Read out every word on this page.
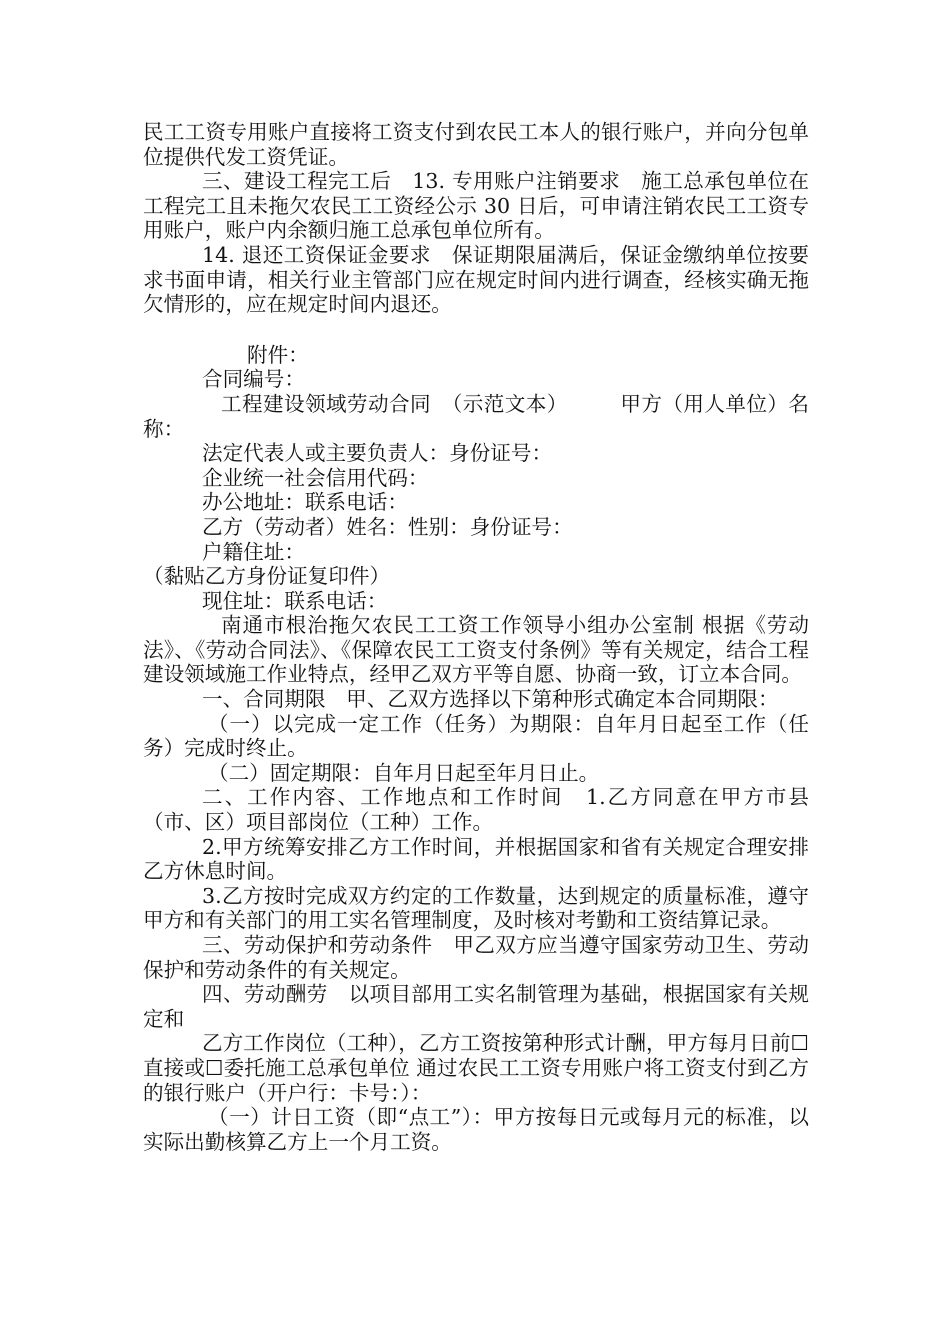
民工工资专用账户直接将工资支付到农民工本人的银行账户，并向分包单位提供代发工资凭证。

三、建设工程完工后　13. 专用账户注销要求　施工总承包单位在工程完工且未拖欠农民工工资经公示 30 日后，可申请注销农民工工资专用账户，账户内余额归施工总承包单位所有。

14. 退还工资保证金要求　保证期限届满后，保证金缴纳单位按要求书面申请，相关行业主管部门应在规定时间内进行调查，经核实确无拖欠情形的，应在规定时间内退还。

附件：

合同编号：

工程建设领域劳动合同　（示范文本）　　　甲方（用人单位）名称：

法定代表人或主要负责人：身份证号：

企业统一社会信用代码：

办公地址：联系电话：

乙方（劳动者）姓名：性别：身份证号：

户籍住址：

（黏贴乙方身份证复印件）

现住址：联系电话：

南通市根治拖欠农民工工资工作领导小组办公室制 根据《劳动法》、《劳动合同法》、《保障农民工工资支付条例》等有关规定，结合工程建设领域施工作业特点，经甲乙双方平等自愿、协商一致，订立本合同。

一、合同期限　甲、乙双方选择以下第种形式确定本合同期限：

（一）以完成一定工作（任务）为期限：自年月日起至工作（任务）完成时终止。

（二）固定期限：自年月日起至年月日止。

二、工作内容、工作地点和工作时间　1.乙方同意在甲方市县（市、区）项目部岗位（工种）工作。

2.甲方统筹安排乙方工作时间，并根据国家和省有关规定合理安排乙方休息时间。

3.乙方按时完成双方约定的工作数量，达到规定的质量标准，遵守甲方和有关部门的用工实名管理制度，及时核对考勤和工资结算记录。

三、劳动保护和劳动条件　甲乙双方应当遵守国家劳动卫生、劳动保护和劳动条件的有关规定。

四、劳动酬劳　以项目部用工实名制管理为基础，根据国家有关规定和

乙方工作岗位（工种），乙方工资按第种形式计酬，甲方每月日前☐直接或☐委托施工总承包单位 通过农民工工资专用账户将工资支付到乙方的银行账户（开户行：卡号：）：

（一）计日工资（即“点工”）：甲方按每日元或每月元的标准，以实际出勤核算乙方上一个月工资。
